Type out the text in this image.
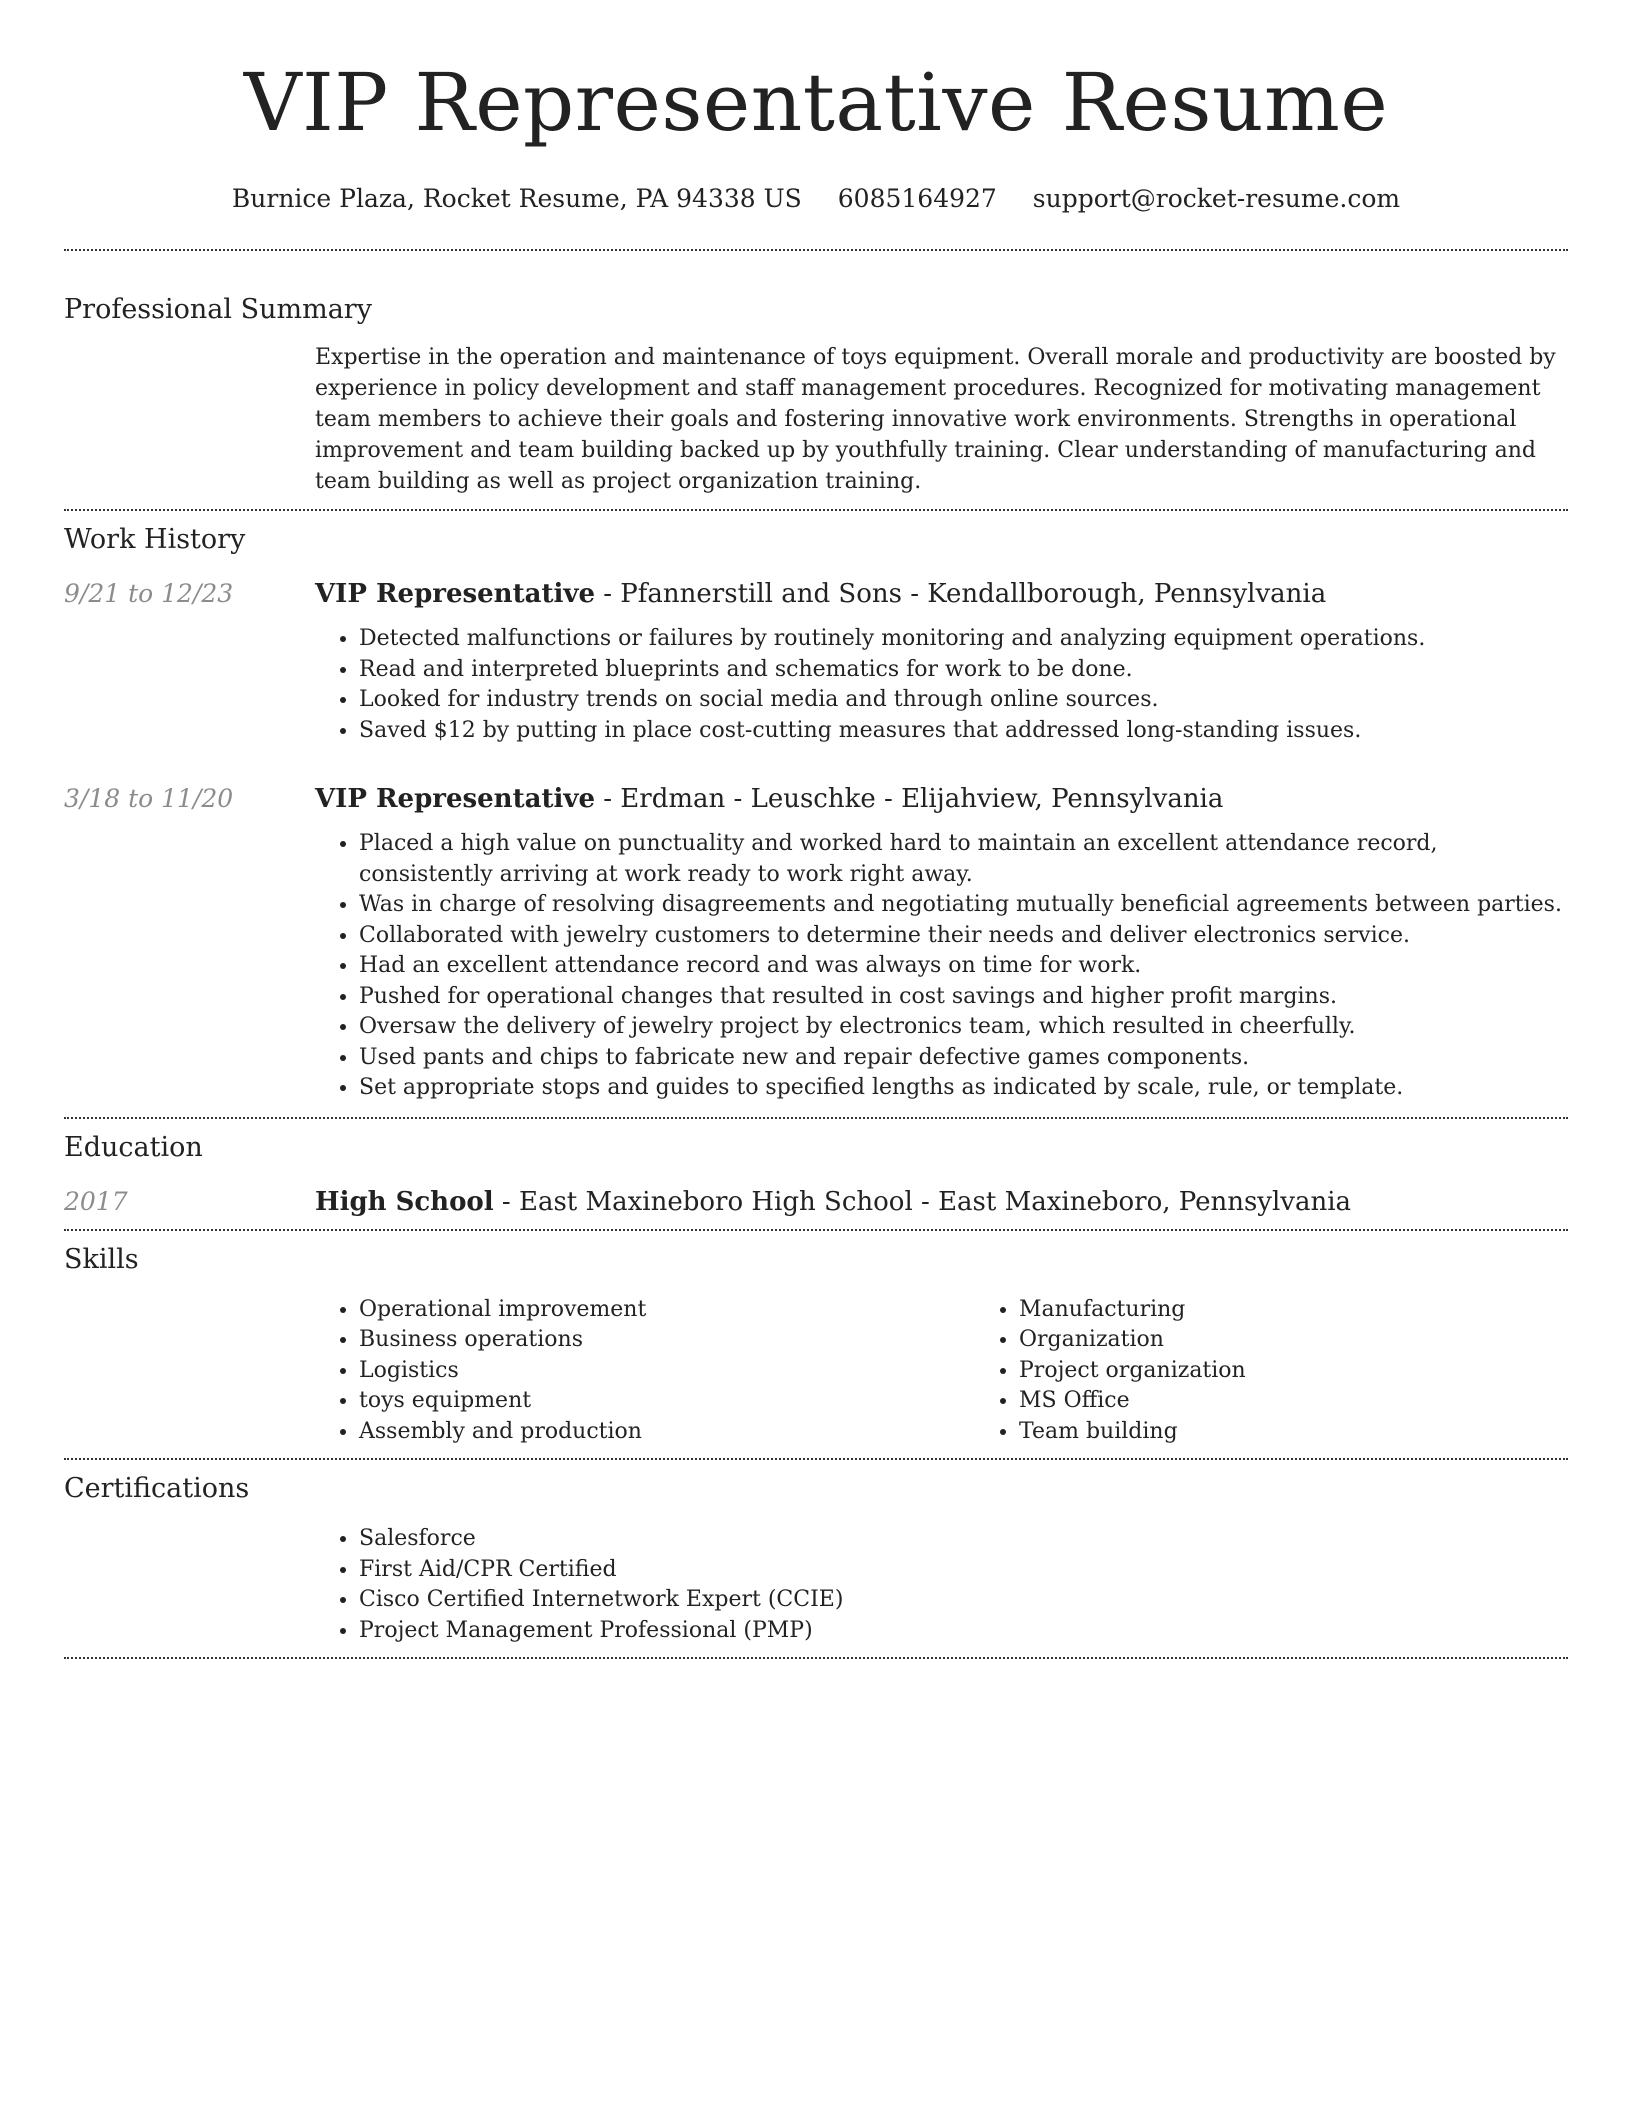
VIP Representative Resume
Burnice Plaza, Rocket Resume, PA 94338 US 6085164927 support@rocket-resume.com
Professional Summary

Expertise in the operation and maintenance of toys equipment. Overall morale and productivity are boosted by experience in policy development and staff management procedures. Recognized for motivating management team members to achieve their goals and fostering innovative work environments. Strengths in operational improvement and team building backed up by youthfully training. Clear understanding of manufacturing and team building as well as project organization training.

Work History
9/21 to 12/23	VIP Representative - Pfannerstill and Sons - Kendallborough, Pennsylvania
• Detected malfunctions or failures by routinely monitoring and analyzing equipment operations.
• Read and interpreted blueprints and schematics for work to be done.
• Looked for industry trends on social media and through online sources.
• Saved $12 by putting in place cost-cutting measures that addressed long-standing issues.
3/18 to 11/20	VIP Representative - Erdman - Leuschke - Elijahview, Pennsylvania
• Placed a high value on punctuality and worked hard to maintain an excellent attendance record, consistently arriving at work ready to work right away.
• Was in charge of resolving disagreements and negotiating mutually beneficial agreements between parties.
• Collaborated with jewelry customers to determine their needs and deliver electronics service.
• Had an excellent attendance record and was always on time for work.
• Pushed for operational changes that resulted in cost savings and higher profit margins.
• Oversaw the delivery of jewelry project by electronics team, which resulted in cheerfully.
• Used pants and chips to fabricate new and repair defective games components.
• Set appropriate stops and guides to specified lengths as indicated by scale, rule, or template.
Education
2017	High School - East Maxineboro High School - East Maxineboro, Pennsylvania
Skills
• Operational improvement
• Business operations
• Logistics
• toys equipment
• Assembly and production
• Manufacturing
• Organization
• Project organization
• MS Office
• Team building
Certifications
• Salesforce
• First Aid/CPR Certified
• Cisco Certified Internetwork Expert (CCIE)
• Project Management Professional (PMP)
